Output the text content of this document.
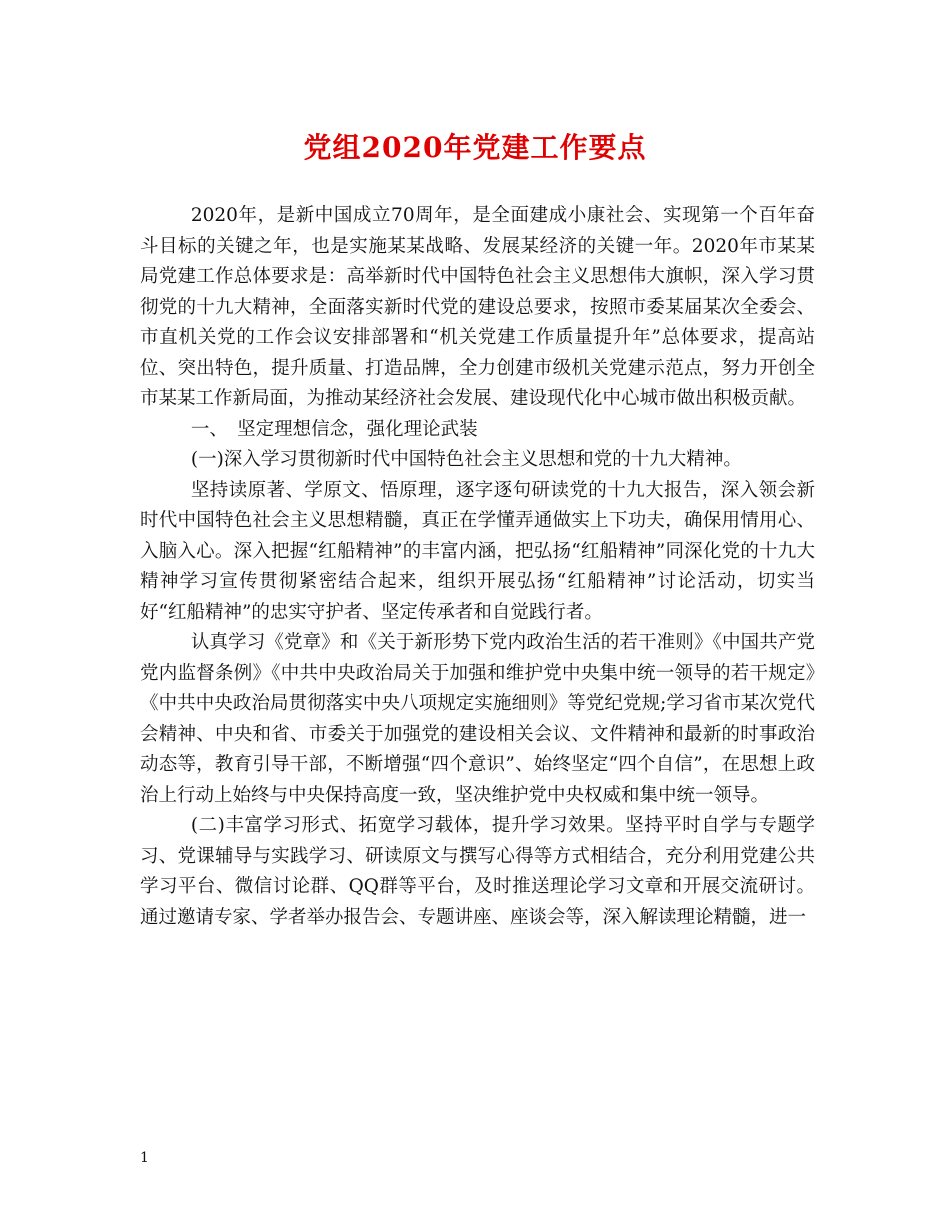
党组2020年党建工作要点

2020年，是新中国成立70周年，是全面建成小康社会、实现第一个百年奋斗目标的关键之年，也是实施某某战略、发展某经济的关键一年。2020年市某某局党建工作总体要求是：高举新时代中国特色社会主义思想伟大旗帜，深入学习贯彻党的十九大精神，全面落实新时代党的建设总要求，按照市委某届某次全委会、市直机关党的工作会议安排部署和“机关党建工作质量提升年”总体要求，提高站位、突出特色，提升质量、打造品牌，全力创建市级机关党建示范点，努力开创全市某某工作新局面，为推动某经济社会发展、建设现代化中心城市做出积极贡献。

一、　坚定理想信念，强化理论武装

(一)深入学习贯彻新时代中国特色社会主义思想和党的十九大精神。

坚持读原著、学原文、悟原理，逐字逐句研读党的十九大报告，深入领会新时代中国特色社会主义思想精髓，真正在学懂弄通做实上下功夫，确保用情用心、入脑入心。深入把握“红船精神”的丰富内涵，把弘扬“红船精神”同深化党的十九大精神学习宣传贯彻紧密结合起来，组织开展弘扬“红船精神”讨论活动，切实当好“红船精神”的忠实守护者、坚定传承者和自觉践行者。

认真学习《党章》和《关于新形势下党内政治生活的若干准则》《中国共产党党内监督条例》《中共中央政治局关于加强和维护党中央集中统一领导的若干规定》《中共中央政治局贯彻落实中央八项规定实施细则》等党纪党规;学习省市某次党代会精神、中央和省、市委关于加强党的建设相关会议、文件精神和最新的时事政治动态等，教育引导干部，不断增强“四个意识”、始终坚定“四个自信”，在思想上政治上行动上始终与中央保持高度一致，坚决维护党中央权威和集中统一领导。

(二)丰富学习形式、拓宽学习载体，提升学习效果。坚持平时自学与专题学习、党课辅导与实践学习、研读原文与撰写心得等方式相结合，充分利用党建公共学习平台、微信讨论群、QQ群等平台，及时推送理论学习文章和开展交流研讨。通过邀请专家、学者举办报告会、专题讲座、座谈会等，深入解读理论精髓，进一

1
